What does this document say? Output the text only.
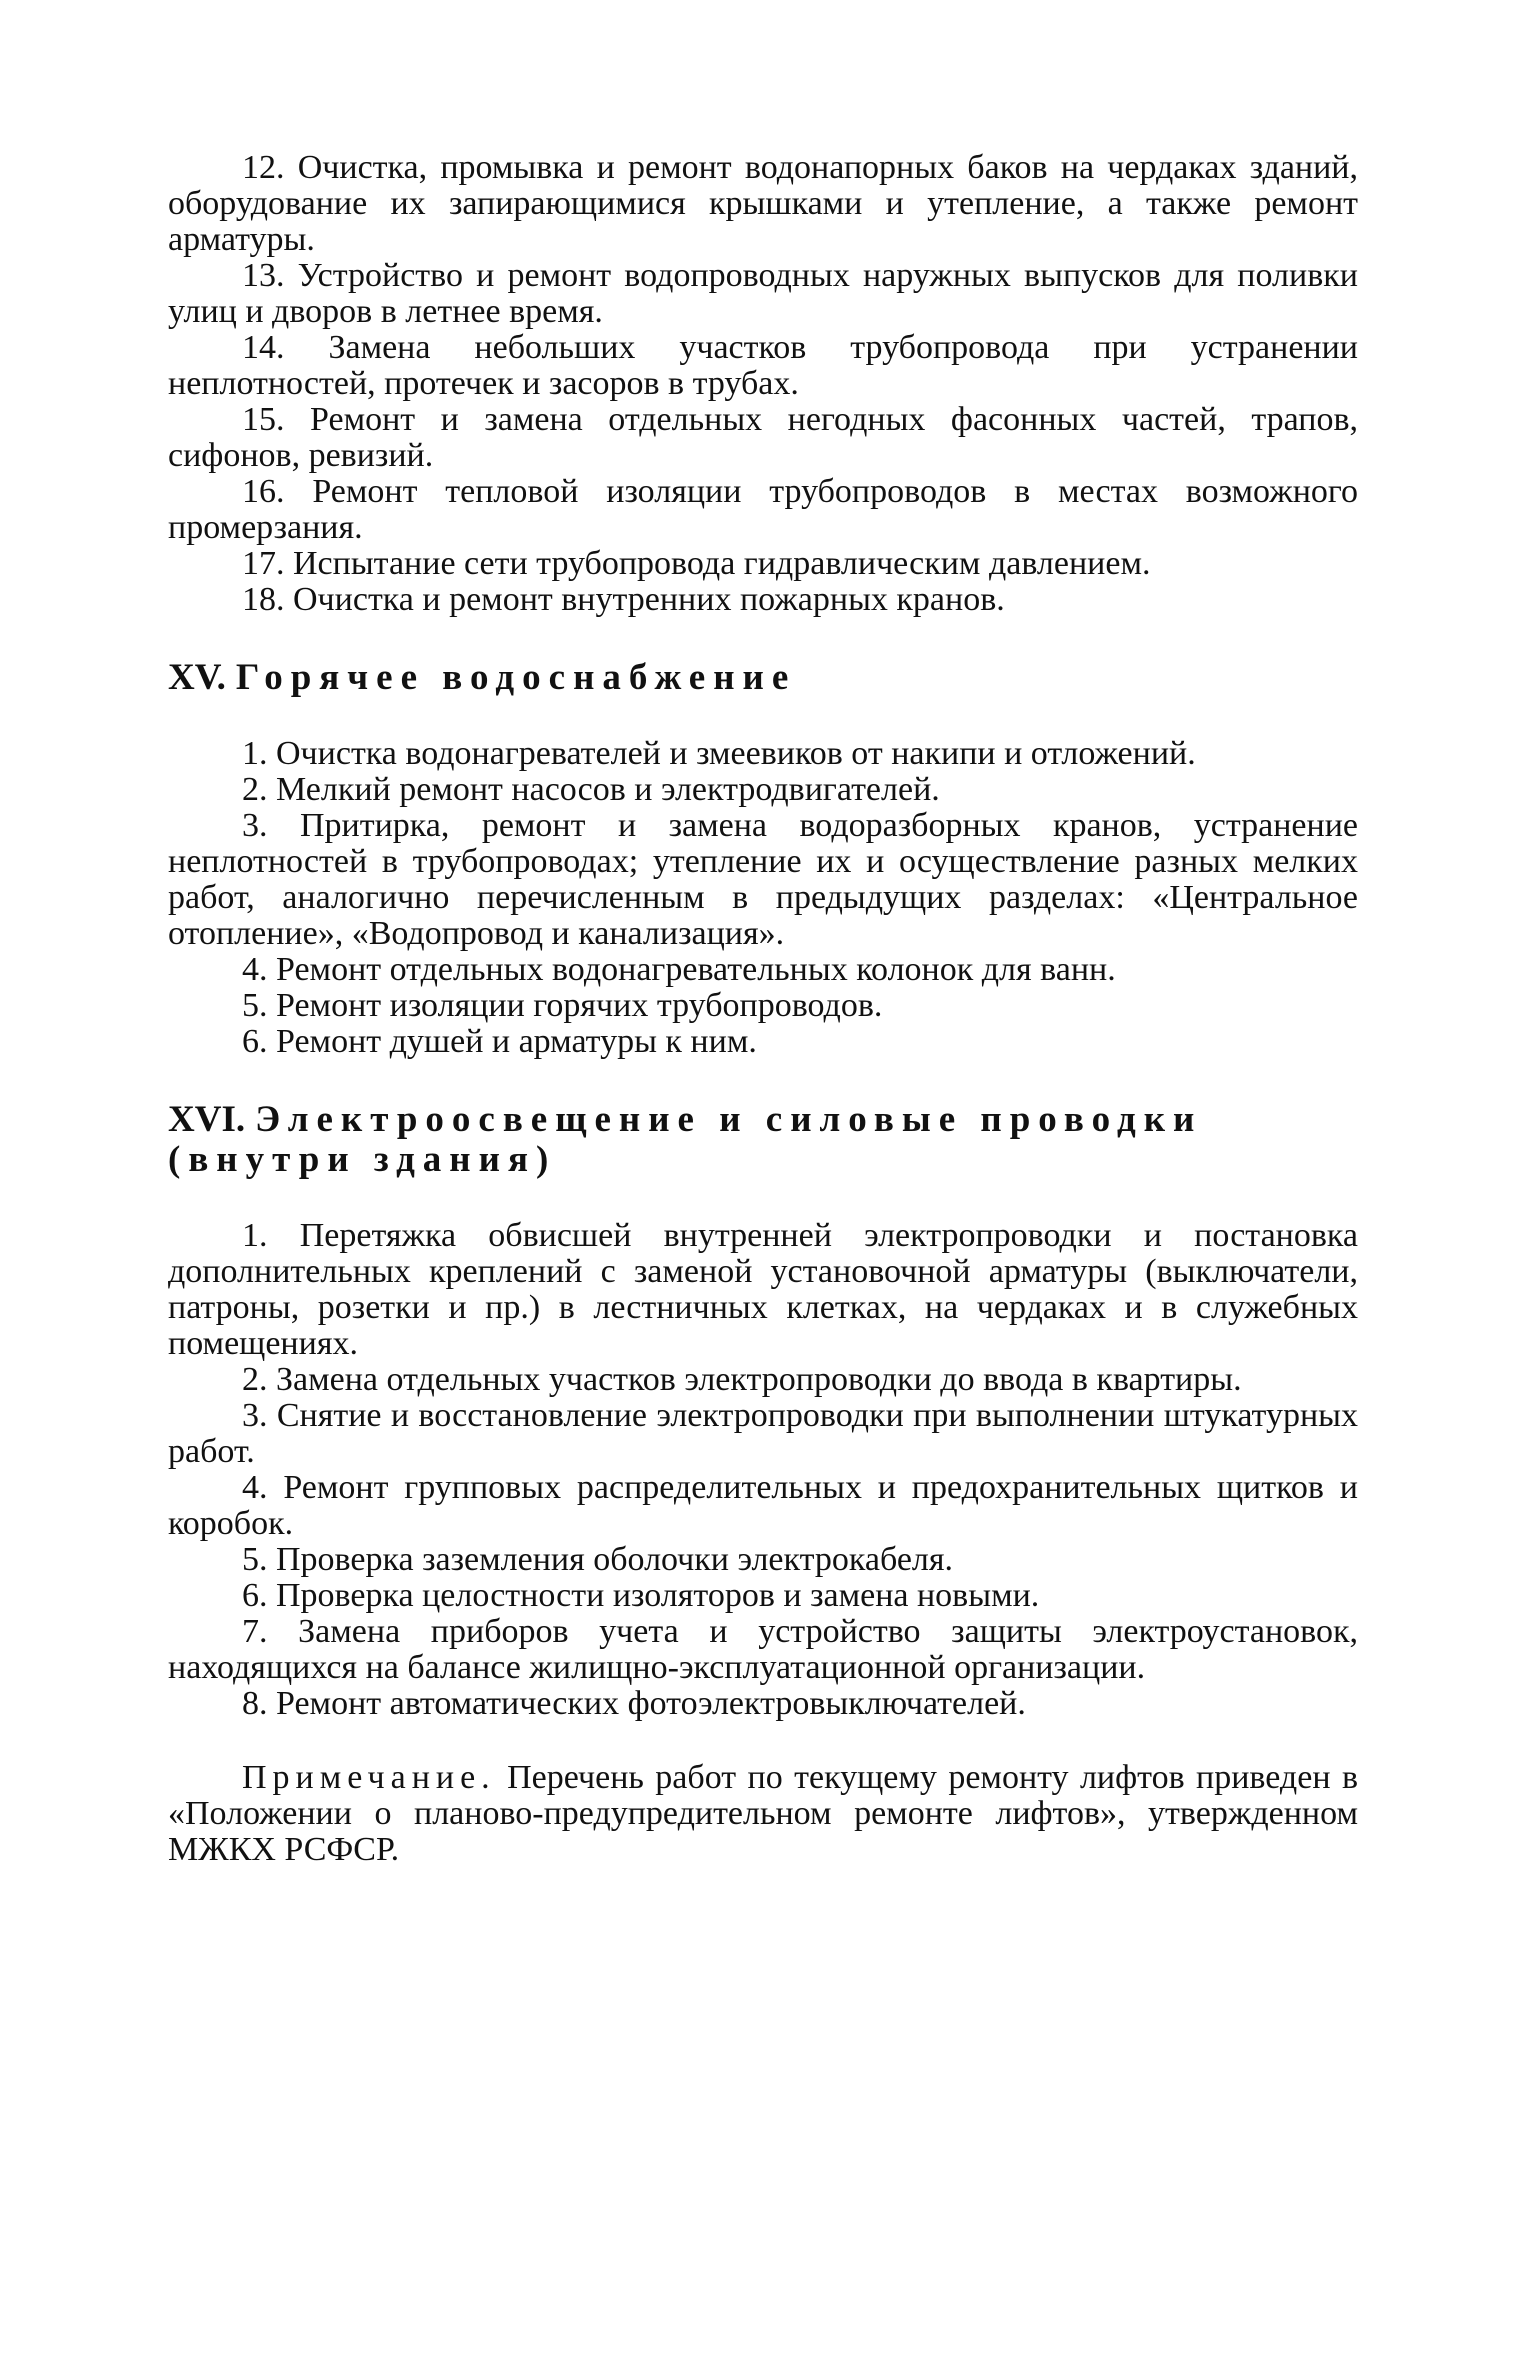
12. Очистка, промывка и ремонт водонапорных баков на чердаках зданий, оборудование их запирающимися крышками и утепление, а также ремонт арматуры.

13. Устройство и ремонт водопроводных наружных выпусков для поливки улиц и дворов в летнее время.

14. Замена небольших участков трубопровода при устранении неплотностей, протечек и засоров в трубах.

15. Ремонт и замена отдельных негодных фасонных частей, трапов, сифонов, ревизий.

16. Ремонт тепловой изоляции трубопроводов в местах возможного промерзания.

17. Испытание сети трубопровода гидравлическим давлением.

18. Очистка и ремонт внутренних пожарных кранов.

XV. Горячее водоснабжение

1. Очистка водонагревателей и змеевиков от накипи и отложений.

2. Мелкий ремонт насосов и электродвигателей.

3. Притирка, ремонт и замена водоразборных кранов, устранение неплотностей в трубопроводах; утепление их и осуществление разных мелких работ, аналогично перечисленным в предыдущих разделах: «Центральное отопление», «Водопровод и канализация».

4. Ремонт отдельных водонагревательных колонок для ванн.

5. Ремонт изоляции горячих трубопроводов.

6. Ремонт душей и арматуры к ним.

XVI. Электроосвещение и силовые проводки (внутри здания)

1. Перетяжка обвисшей внутренней электропроводки и постановка дополнительных креплений с заменой установочной арматуры (выключатели, патроны, розетки и пр.) в лестничных клетках, на чердаках и в служебных помещениях.

2. Замена отдельных участков электропроводки до ввода в квартиры.

3. Снятие и восстановление электропроводки при выполнении штукатурных работ.

4. Ремонт групповых распределительных и предохранительных щитков и коробок.

5. Проверка заземления оболочки электрокабеля.

6. Проверка целостности изоляторов и замена новыми.

7. Замена приборов учета и устройство защиты электроустановок, находящихся на балансе жилищно-эксплуатационной организации.

8. Ремонт автоматических фотоэлектровыключателей.

Примечание. Перечень работ по текущему ремонту лифтов приведен в «Положении о планово-предупредительном ремонте лифтов», утвержденном МЖКХ РСФСР.
